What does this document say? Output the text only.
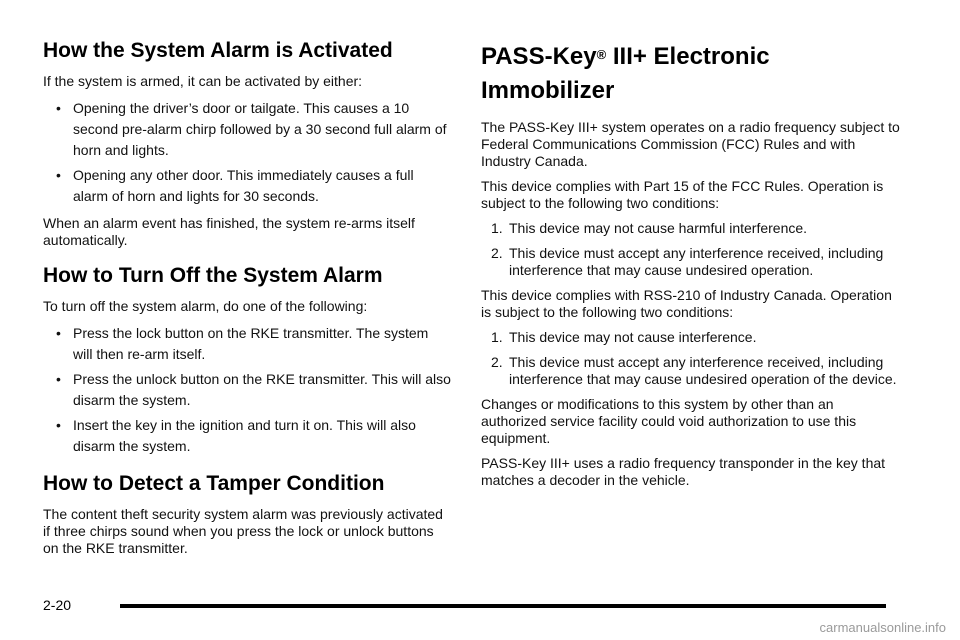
How the System Alarm is Activated

If the system is armed, it can be activated by either:

• Opening the driver’s door or tailgate. This causes a 10 second pre-alarm chirp followed by a 30 second full alarm of horn and lights.
• Opening any other door. This immediately causes a full alarm of horn and lights for 30 seconds.

When an alarm event has finished, the system re-arms itself automatically.

How to Turn Off the System Alarm

To turn off the system alarm, do one of the following:

• Press the lock button on the RKE transmitter. The system will then re-arm itself.
• Press the unlock button on the RKE transmitter. This will also disarm the system.
• Insert the key in the ignition and turn it on. This will also disarm the system.
How to Detect a Tamper Condition

The content theft security system alarm was previously activated if three chirps sound when you press the lock or unlock buttons on the RKE transmitter.

PASS-Key® III+ Electronic Immobilizer

The PASS-Key III+ system operates on a radio frequency subject to Federal Communications Commission (FCC) Rules and with Industry Canada.

This device complies with Part 15 of the FCC Rules. Operation is subject to the following two conditions:

1. This device may not cause harmful interference.
2. This device must accept any interference received, including interference that may cause undesired operation.

This device complies with RSS-210 of Industry Canada. Operation is subject to the following two conditions:

1. This device may not cause interference.
2. This device must accept any interference received, including interference that may cause undesired operation of the device.

Changes or modifications to this system by other than an authorized service facility could void authorization to use this equipment.

PASS-Key III+ uses a radio frequency transponder in the key that matches a decoder in the vehicle.

2-20
carmanualsonline.info
